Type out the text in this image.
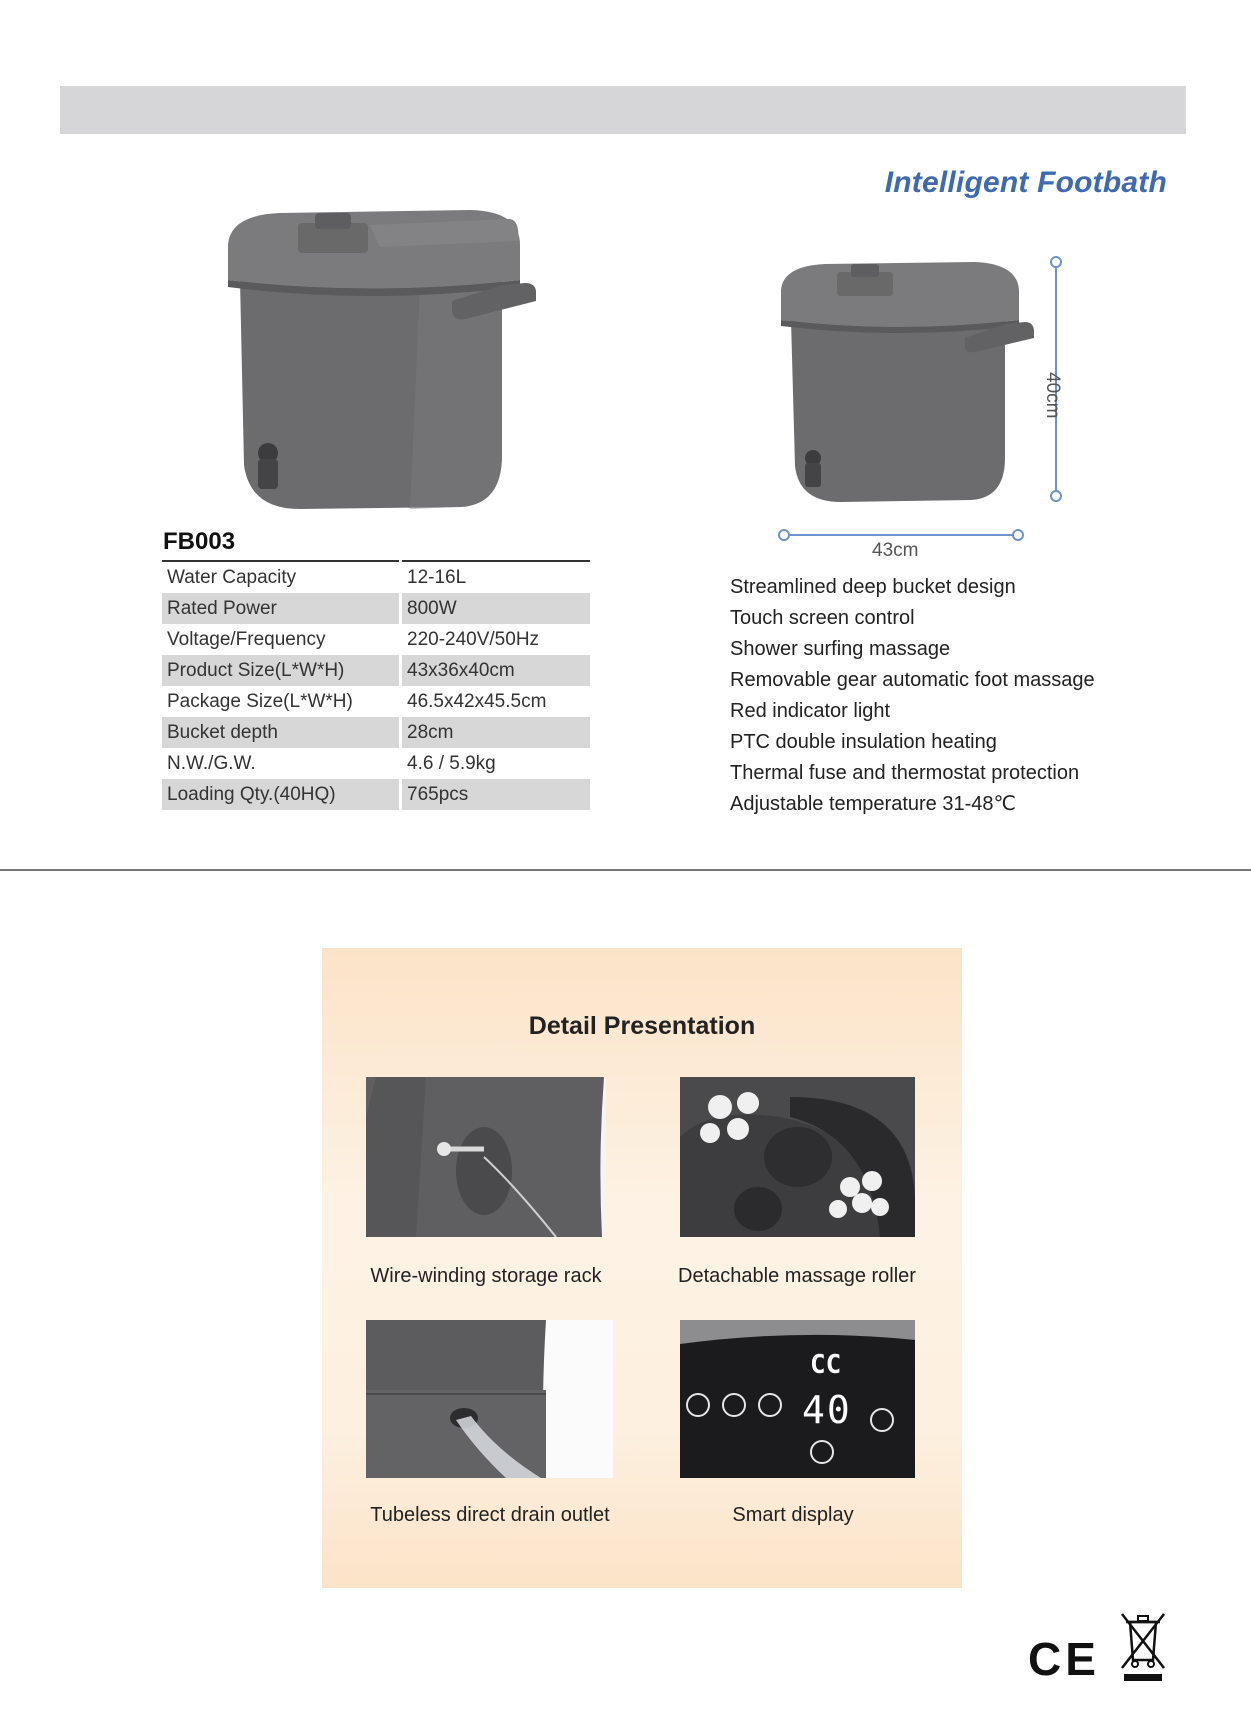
Intelligent Footbath
FB003
Water Capacity	12-16L
Rated Power	800W
Voltage/Frequency	220-240V/50Hz
Product Size(L*W*H)	43x36x40cm
Package Size(L*W*H)	46.5x42x45.5cm
Bucket depth	28cm
N.W./G.W.	4.6 / 5.9kg
Loading Qty.(40HQ)	765pcs
40cm
43cm
Streamlined deep bucket design
Touch screen control
Shower surfing massage
Removable gear automatic foot massage
Red indicator light
PTC double insulation heating
Thermal fuse and thermostat protection
Adjustable temperature 31-48℃
Detail Presentation
Wire-winding storage rack	Detachable massage roller
Tubeless direct drain outlet
CC
40
Smart display
CE
